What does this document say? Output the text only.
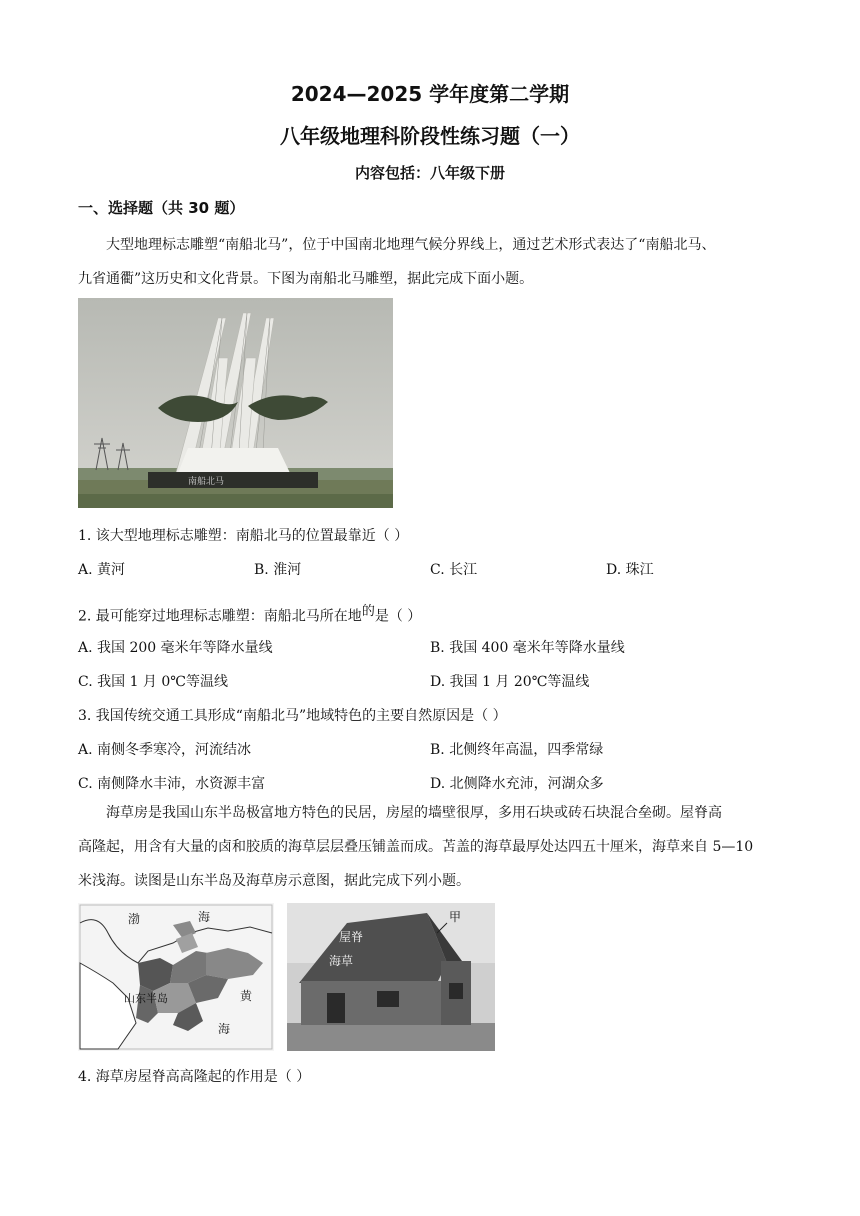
2024—2025 学年度第二学期
八年级地理科阶段性练习题（一）
内容包括：八年级下册
一、选择题（共 30 题）
大型地理标志雕塑“南船北马”，位于中国南北地理气候分界线上，通过艺术形式表达了“南船北马、
九省通衢”这历史和文化背景。下图为南船北马雕塑，据此完成下面小题。
南船北马
1. 该大型地理标志雕塑：南船北马的位置最靠近（ ）
A. 黄河	B. 淮河	C. 长江	D. 珠江
2. 最可能穿过地理标志雕塑：南船北马所在地$^的$是（ ）
A. 我国 200 毫米年等降水量线	B. 我国 400 毫米年等降水量线
C. 我国 1 月 0℃等温线	D. 我国 1 月 20℃等温线
3. 我国传统交通工具形成“南船北马”地域特色的主要自然原因是（ ）
A. 南侧冬季寒冷，河流结冰	B. 北侧终年高温，四季常绿
C. 南侧降水丰沛，水资源丰富	D. 北侧降水充沛，河湖众多
海草房是我国山东半岛极富地方特色的民居，房屋的墙壁很厚，多用石块或砖石块混合垒砌。屋脊高
高隆起，用含有大量的卤和胶质的海草层层叠压铺盖而成。苫盖的海草最厚处达四五十厘米，海草来自 5—10
米浅海。读图是山东半岛及海草房示意图，据此完成下列小题。
渤	海
山东半岛	黄
海
屋脊
海草
甲
4. 海草房屋脊高高隆起的作用是（ ）
